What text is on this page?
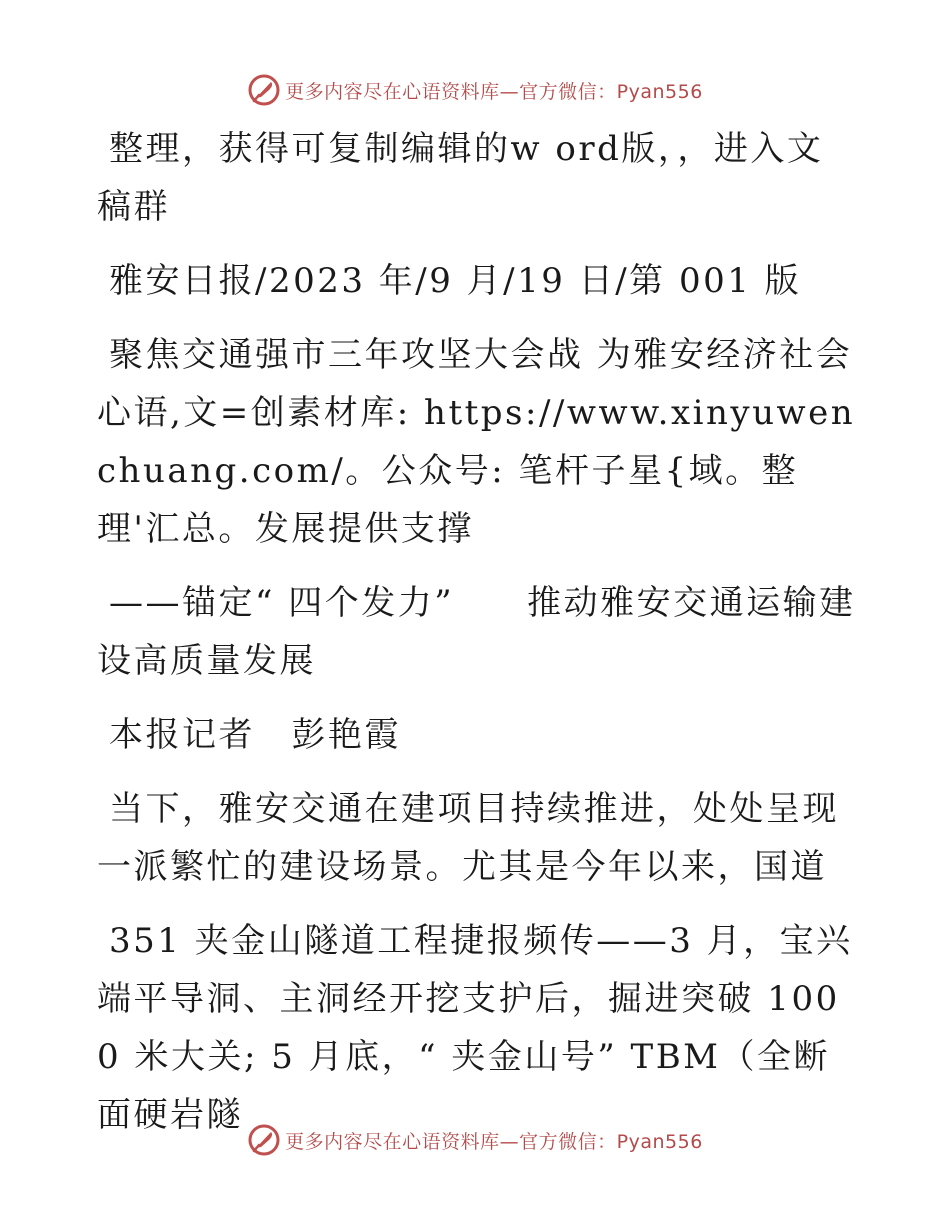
更多内容尽在心语资料库—官方微信：Pyan556

整理，获得可复制编辑的w ord版，，进入文稿群

雅安日报/2023 年/9 月/19 日/第 001 版

聚焦交通强市三年攻坚大会战 为雅安经济社会心语,文=创素材库: https://www.xinyuwenchuang.com/。公众号: 笔杆子星{域。整理'汇总。发展提供支撑

——锚定“ 四个发力”　　推动雅安交通运输建设高质量发展

本报记者　彭艳霞

当下，雅安交通在建项目持续推进，处处呈现一派繁忙的建设场景。尤其是今年以来，国道

351 夹金山隧道工程捷报频传——3 月，宝兴端平导洞、主洞经开挖支护后，掘进突破 1000 米大关; 5 月底，“ 夹金山号” TBM（全断面硬岩隧

更多内容尽在心语资料库—官方微信：Pyan556
